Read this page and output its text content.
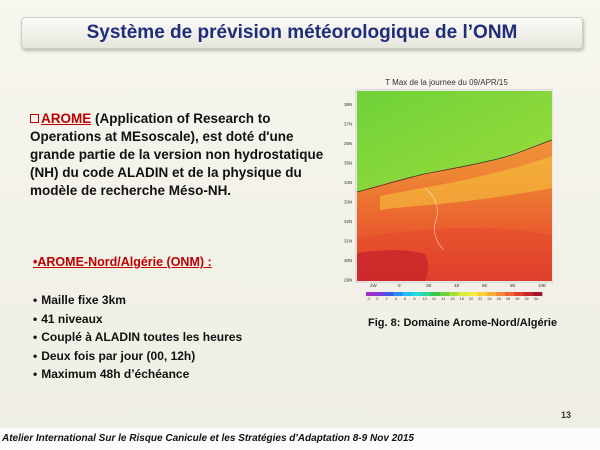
Système de prévision météorologique de l’ONM
AROME (Application of Research to Operations at MEsoscale), est doté d'une grande partie de la version non hydrostatique (NH) du code ALADIN et de la physique du modèle de recherche Méso-NH.
•AROME-Nord/Algérie (ONM) :
• Maille fixe 3km
• 41 niveaux
• Couplé à ALADIN toutes les heures
• Deux fois par jour (00, 12h)
• Maximum 48h d’échéance
T Max de la journee du 09/APR/15
38N
37N
36N
35N
34N
33N
32N
31N
30N
29N
2W	0	2E	4E	6E	8E	10E
-2 0 2 4 6 8 10 12 14 16 18 20 22 24 26 28 30 32 34
Fig. 8: Domaine Arome-Nord/Algérie
13
Atelier International Sur le Risque Canicule et les Stratégies d'Adaptation 8-9 Nov 2015
